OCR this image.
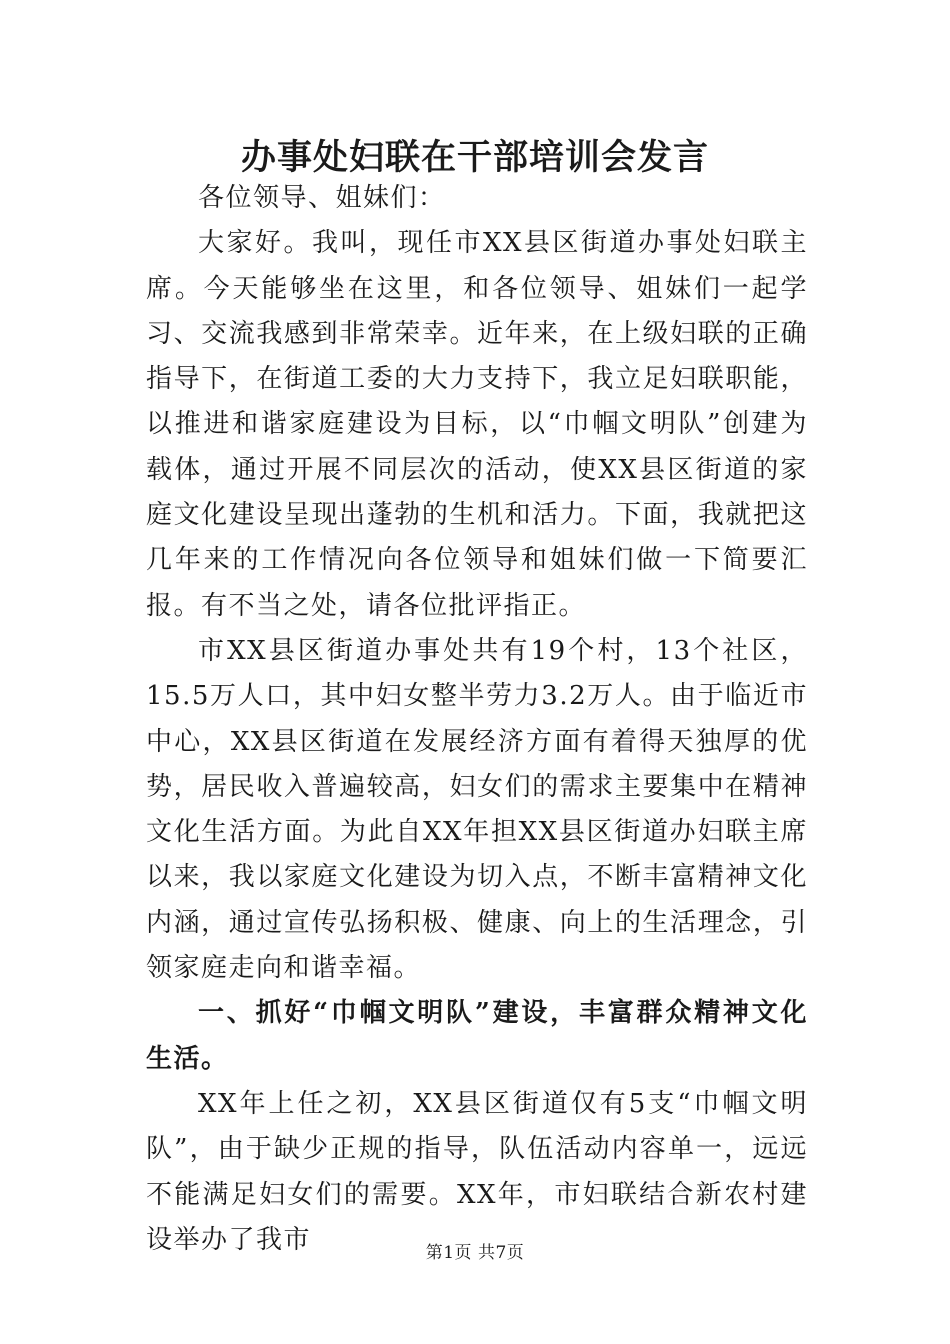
办事处妇联在干部培训会发言

各位领导、姐妹们：

大家好。我叫，现任市XX县区街道办事处妇联主席。今天能够坐在这里，和各位领导、姐妹们一起学习、交流我感到非常荣幸。近年来，在上级妇联的正确指导下，在街道工委的大力支持下，我立足妇联职能，以推进和谐家庭建设为目标，以“巾帼文明队”创建为载体，通过开展不同层次的活动，使XX县区街道的家庭文化建设呈现出蓬勃的生机和活力。下面，我就把这几年来的工作情况向各位领导和姐妹们做一下简要汇报。有不当之处，请各位批评指正。

市XX县区街道办事处共有19个村，13个社区，15.5万人口，其中妇女整半劳力3.2万人。由于临近市中心，XX县区街道在发展经济方面有着得天独厚的优势，居民收入普遍较高，妇女们的需求主要集中在精神文化生活方面。为此自XX年担XX县区街道办妇联主席以来，我以家庭文化建设为切入点，不断丰富精神文化内涵，通过宣传弘扬积极、健康、向上的生活理念，引领家庭走向和谐幸福。

一、抓好“巾帼文明队”建设，丰富群众精神文化生活。

XX年上任之初，XX县区街道仅有5支“巾帼文明队”，由于缺少正规的指导，队伍活动内容单一，远远不能满足妇女们的需要。XX年，市妇联结合新农村建设举办了我市	第1页 共7页
